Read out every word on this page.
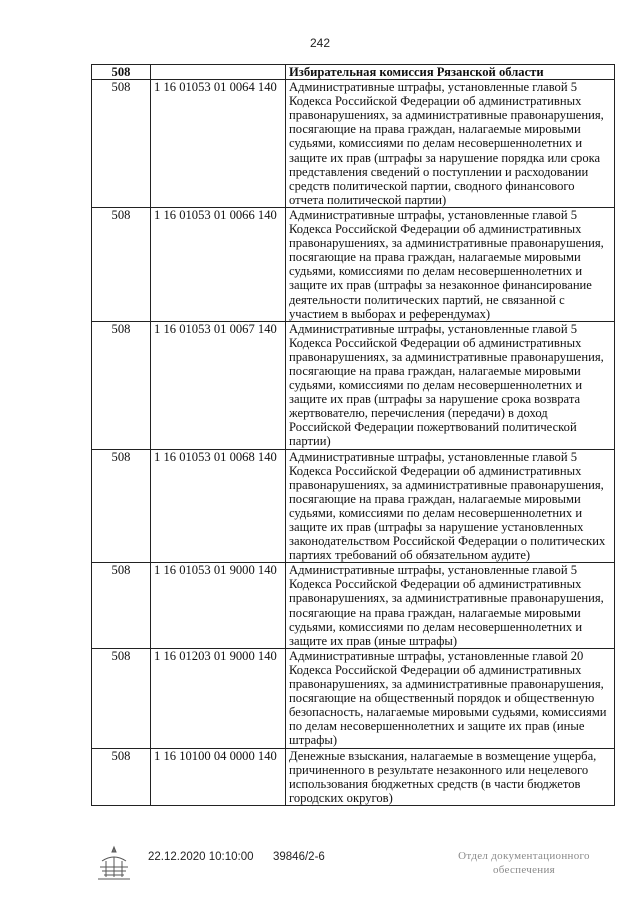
242
508		Избирательная комиссия Рязанской области
508	1 16 01053 01 0064 140	Административные штрафы, установленные главой 5 Кодекса Российской Федерации об административных правонарушениях, за административные правонарушения, посягающие на права граждан, налагаемые мировыми судьями, комиссиями по делам несовершеннолетних и защите их прав (штрафы за нарушение порядка или срока представления сведений о поступлении и расходовании средств политической партии, сводного финансового отчета политической партии)
508	1 16 01053 01 0066 140	Административные штрафы, установленные главой 5 Кодекса Российской Федерации об административных правонарушениях, за административные правонарушения, посягающие на права граждан, налагаемые мировыми судьями, комиссиями по делам несовершеннолетних и защите их прав (штрафы за незаконное финансирование деятельности политических партий, не связанной с участием в выборах и референдумах)
508	1 16 01053 01 0067 140	Административные штрафы, установленные главой 5 Кодекса Российской Федерации об административных правонарушениях, за административные правонарушения, посягающие на права граждан, налагаемые мировыми судьями, комиссиями по делам несовершеннолетних и защите их прав (штрафы за нарушение срока возврата жертвователю, перечисления (передачи) в доход Российской Федерации пожертвований политической партии)
508	1 16 01053 01 0068 140	Административные штрафы, установленные главой 5 Кодекса Российской Федерации об административных правонарушениях, за административные правонарушения, посягающие на права граждан, налагаемые мировыми судьями, комиссиями по делам несовершеннолетних и защите их прав (штрафы за нарушение установленных законодательством Российской Федерации о политических партиях требований об обязательном аудите)
508	1 16 01053 01 9000 140	Административные штрафы, установленные главой 5 Кодекса Российской Федерации об административных правонарушениях, за административные правонарушения, посягающие на права граждан, налагаемые мировыми судьями, комиссиями по делам несовершеннолетних и защите их прав (иные штрафы)
508	1 16 01203 01 9000 140	Административные штрафы, установленные главой 20 Кодекса Российской Федерации об административных правонарушениях, за административные правонарушения, посягающие на общественный порядок и общественную безопасность, налагаемые мировыми судьями, комиссиями по делам несовершеннолетних и защите их прав (иные штрафы)
508	1 16 10100 04 0000 140	Денежные взыскания, налагаемые в возмещение ущерба, причиненного в результате незаконного или нецелевого использования бюджетных средств (в части бюджетов городских округов)
22.12.2020 10:10:00 39846/2-6	Отдел документационного
обеспечения
